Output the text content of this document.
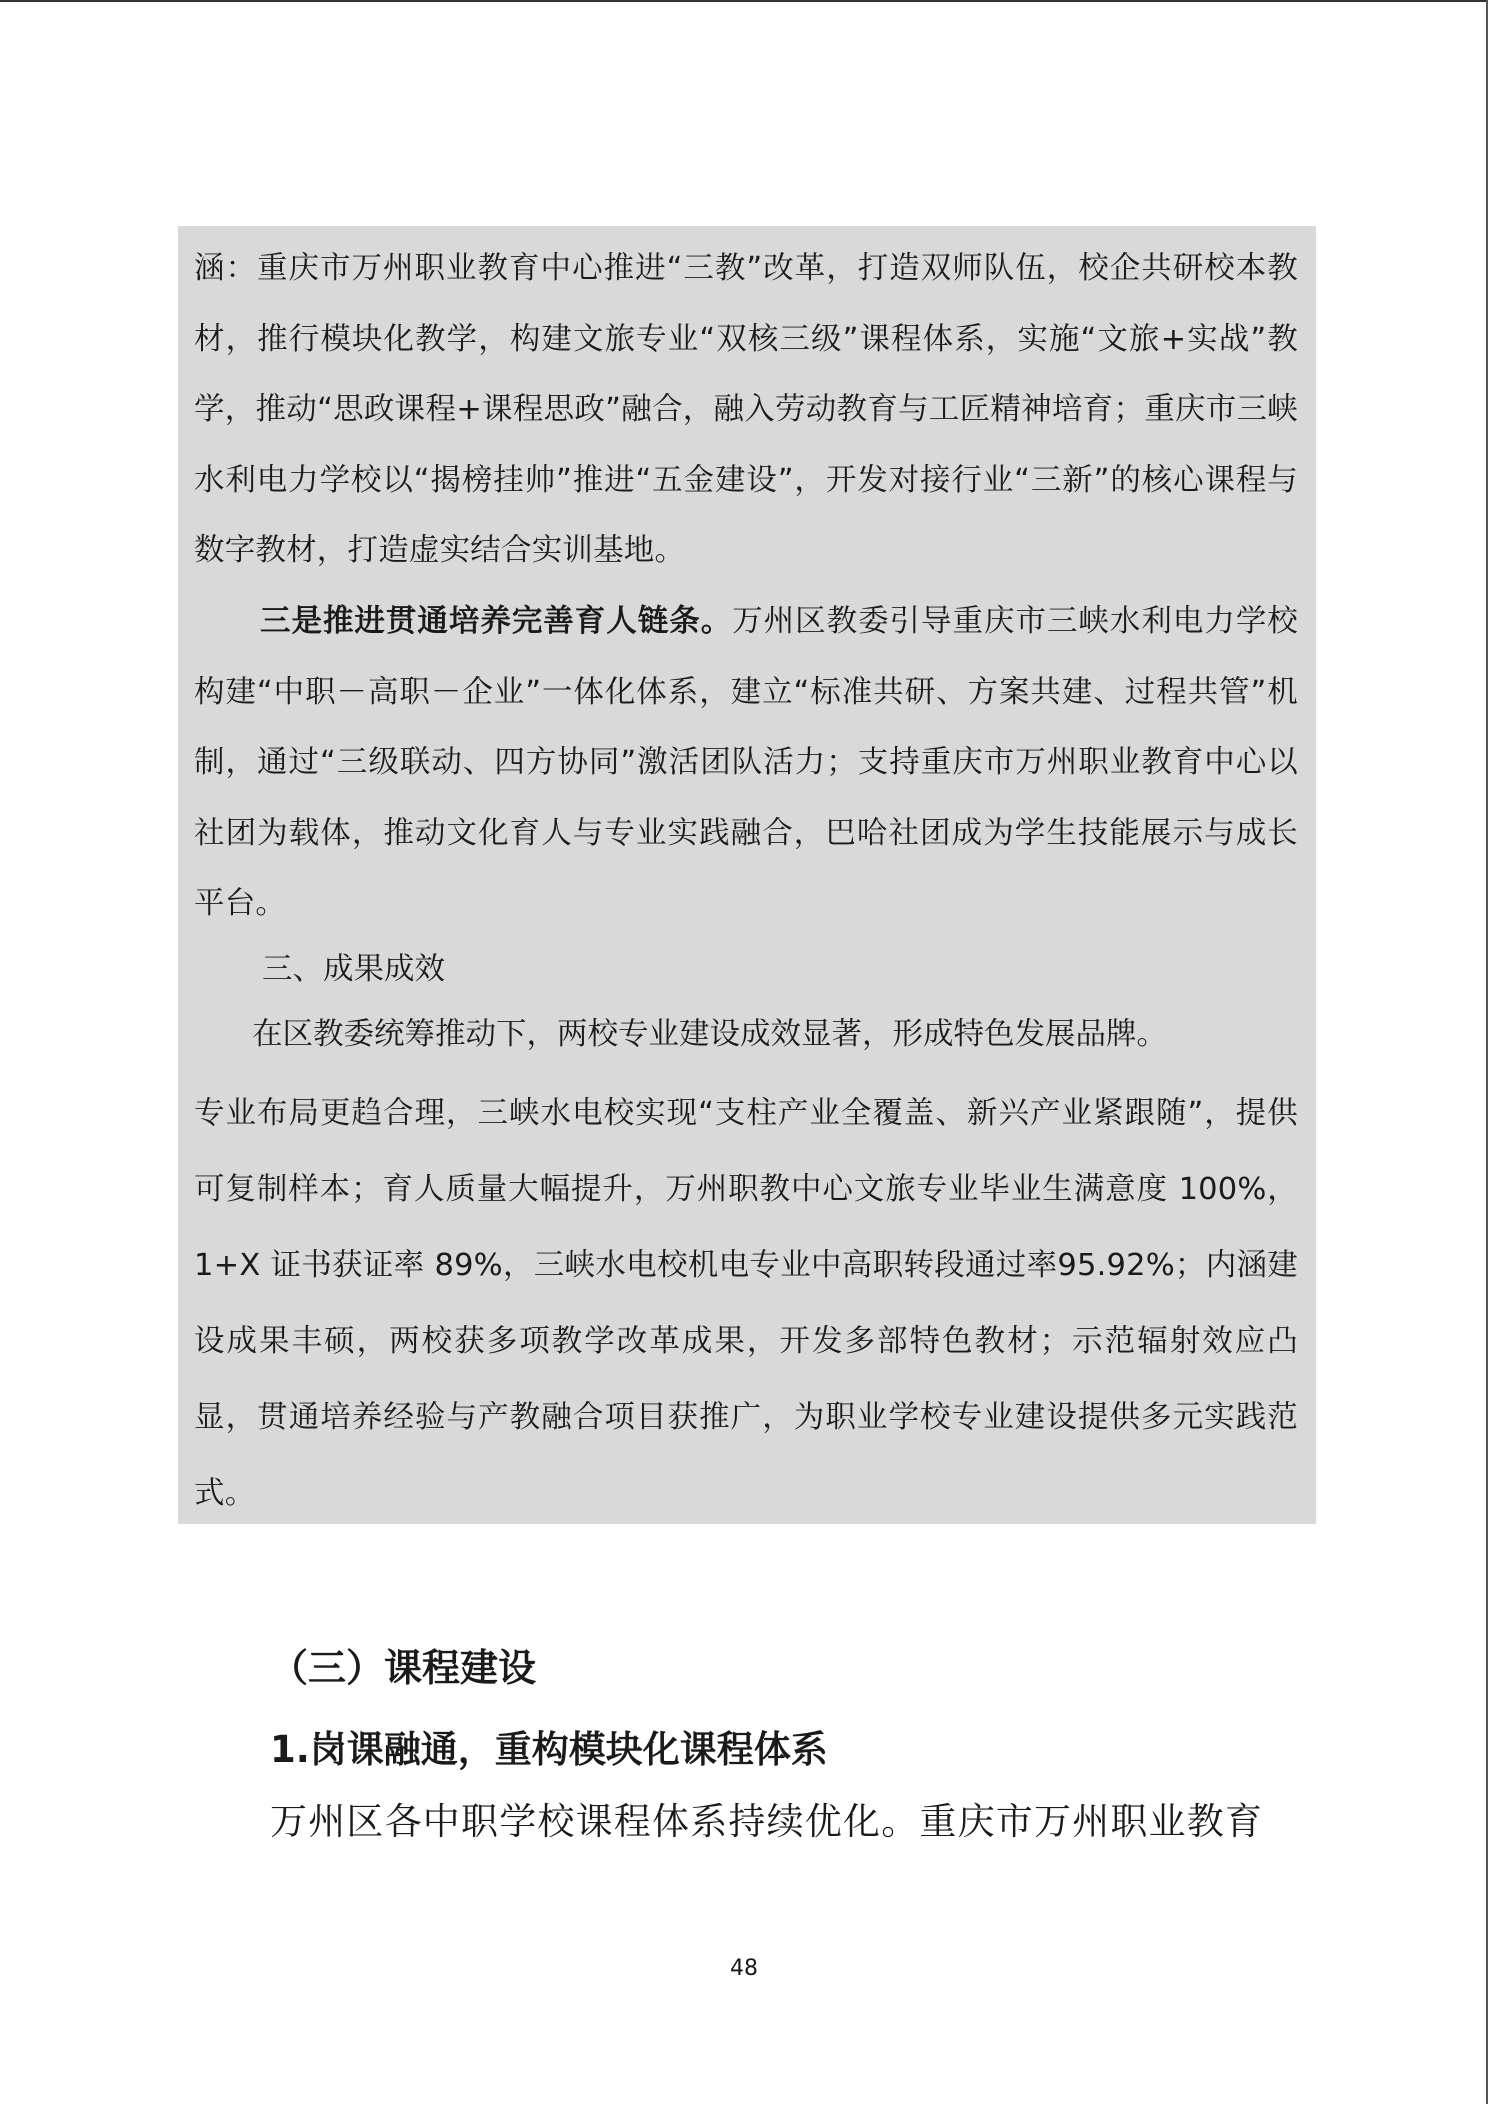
涵：重庆市万州职业教育中心推进“三教”改革，打造双师队伍，校企共研校本教材，推行模块化教学，构建文旅专业“双核三级”课程体系，实施“文旅+实战”教学，推动“思政课程+课程思政”融合，融入劳动教育与工匠精神培育；重庆市三峡水利电力学校以“揭榜挂帅”推进“五金建设”，开发对接行业“三新”的核心课程与数字教材，打造虚实结合实训基地。

三是推进贯通培养完善育人链条。万州区教委引导重庆市三峡水利电力学校构建“中职－高职－企业”一体化体系，建立“标准共研、方案共建、过程共管”机制，通过“三级联动、四方协同”激活团队活力；支持重庆市万州职业教育中心以社团为载体，推动文化育人与专业实践融合，巴哈社团成为学生技能展示与成长平台。

三、成果成效

在区教委统筹推动下，两校专业建设成效显著，形成特色发展品牌。

专业布局更趋合理，三峡水电校实现“支柱产业全覆盖、新兴产业紧跟随”，提供可复制样本；育人质量大幅提升，万州职教中心文旅专业毕业生满意度 100%，1+X 证书获证率 89%，三峡水电校机电专业中高职转段通过率95.92%；内涵建设成果丰硕，两校获多项教学改革成果，开发多部特色教材；示范辐射效应凸显，贯通培养经验与产教融合项目获推广，为职业学校专业建设提供多元实践范式。

（三）课程建设
1.岗课融通，重构模块化课程体系

万州区各中职学校课程体系持续优化。重庆市万州职业教育

48
